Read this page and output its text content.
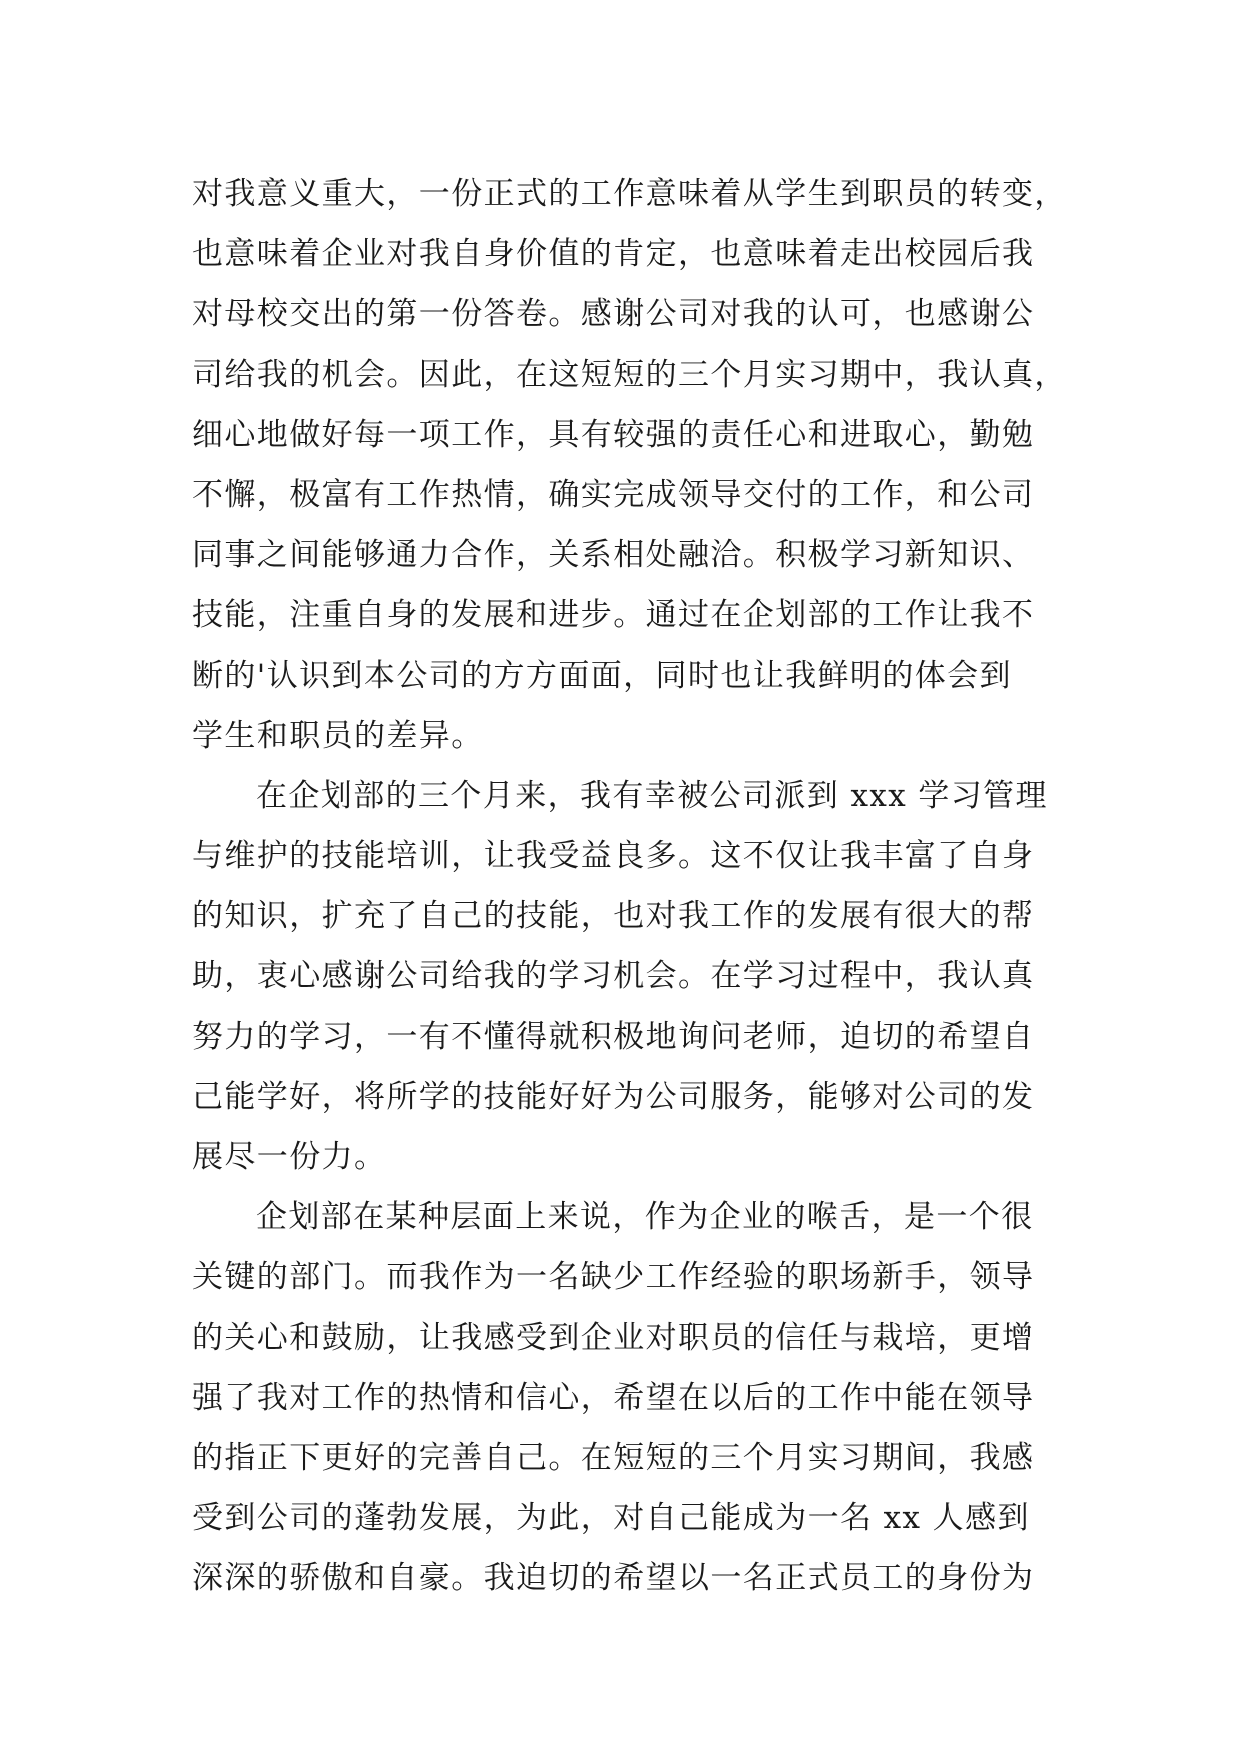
对我意义重大，一份正式的工作意味着从学生到职员的转变，
也意味着企业对我自身价值的肯定，也意味着走出校园后我
对母校交出的第一份答卷。感谢公司对我的认可，也感谢公
司给我的机会。因此，在这短短的三个月实习期中，我认真，
细心地做好每一项工作，具有较强的责任心和进取心，勤勉
不懈，极富有工作热情，确实完成领导交付的工作，和公司
同事之间能够通力合作，关系相处融洽。积极学习新知识、
技能，注重自身的发展和进步。通过在企划部的工作让我不
断的'认识到本公司的方方面面，同时也让我鲜明的体会到
学生和职员的差异。
在企划部的三个月来，我有幸被公司派到 xxx 学习管理
与维护的技能培训，让我受益良多。这不仅让我丰富了自身
的知识，扩充了自己的技能，也对我工作的发展有很大的帮
助，衷心感谢公司给我的学习机会。在学习过程中，我认真
努力的学习，一有不懂得就积极地询问老师，迫切的希望自
己能学好，将所学的技能好好为公司服务，能够对公司的发
展尽一份力。
企划部在某种层面上来说，作为企业的喉舌，是一个很
关键的部门。而我作为一名缺少工作经验的职场新手，领导
的关心和鼓励，让我感受到企业对职员的信任与栽培，更增
强了我对工作的热情和信心，希望在以后的工作中能在领导
的指正下更好的完善自己。在短短的三个月实习期间，我感
受到公司的蓬勃发展，为此，对自己能成为一名 xx 人感到
深深的骄傲和自豪。我迫切的希望以一名正式员工的身份为
